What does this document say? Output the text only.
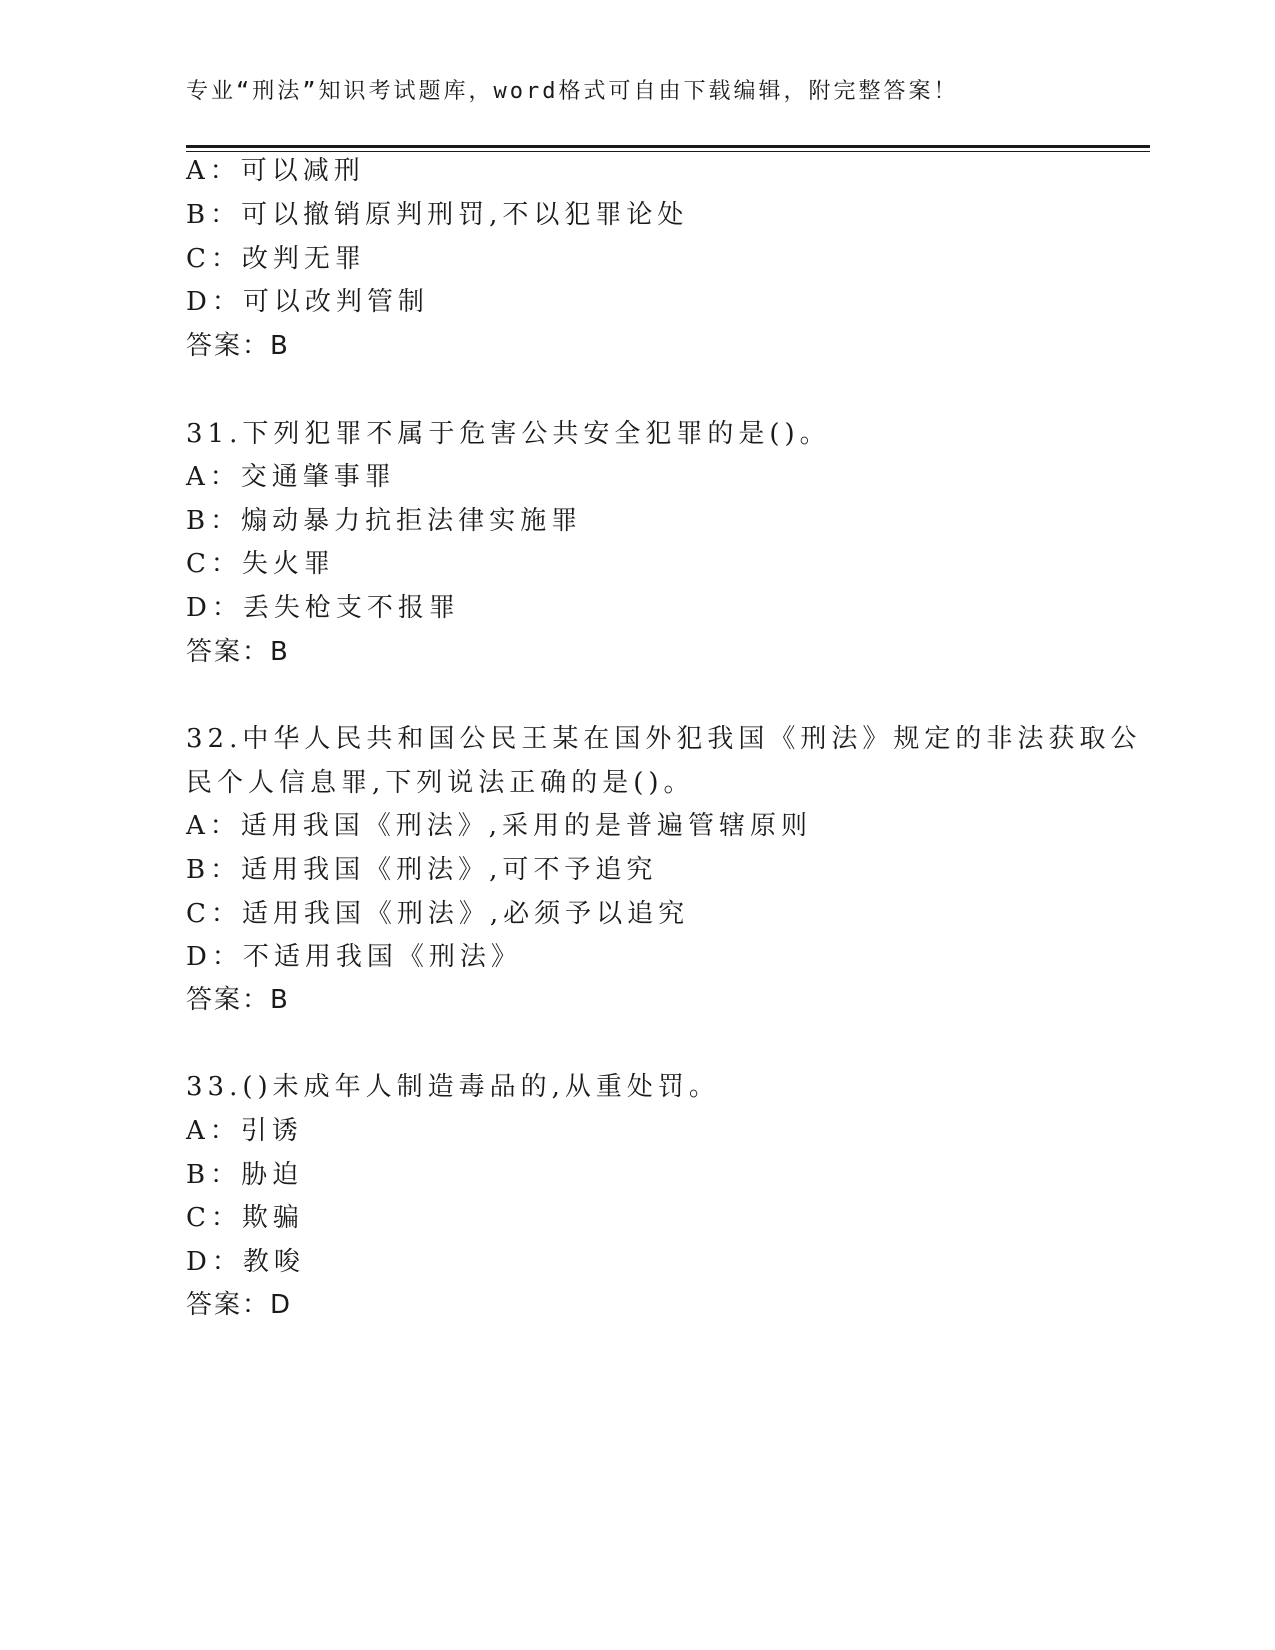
专业“刑法”知识考试题库，word格式可自由下载编辑，附完整答案！
A：可以减刑
B：可以撤销原判刑罚,不以犯罪论处
C：改判无罪
D：可以改判管制
答案：B
31.下列犯罪不属于危害公共安全犯罪的是()。
A：交通肇事罪
B：煽动暴力抗拒法律实施罪
C：失火罪
D：丢失枪支不报罪
答案：B
32.中华人民共和国公民王某在国外犯我国《刑法》规定的非法获取公
民个人信息罪,下列说法正确的是()。
A：适用我国《刑法》,采用的是普遍管辖原则
B：适用我国《刑法》,可不予追究
C：适用我国《刑法》,必须予以追究
D：不适用我国《刑法》
答案：B
33.()未成年人制造毒品的,从重处罚。
A：引诱
B：胁迫
C：欺骗
D：教唆
答案：D
